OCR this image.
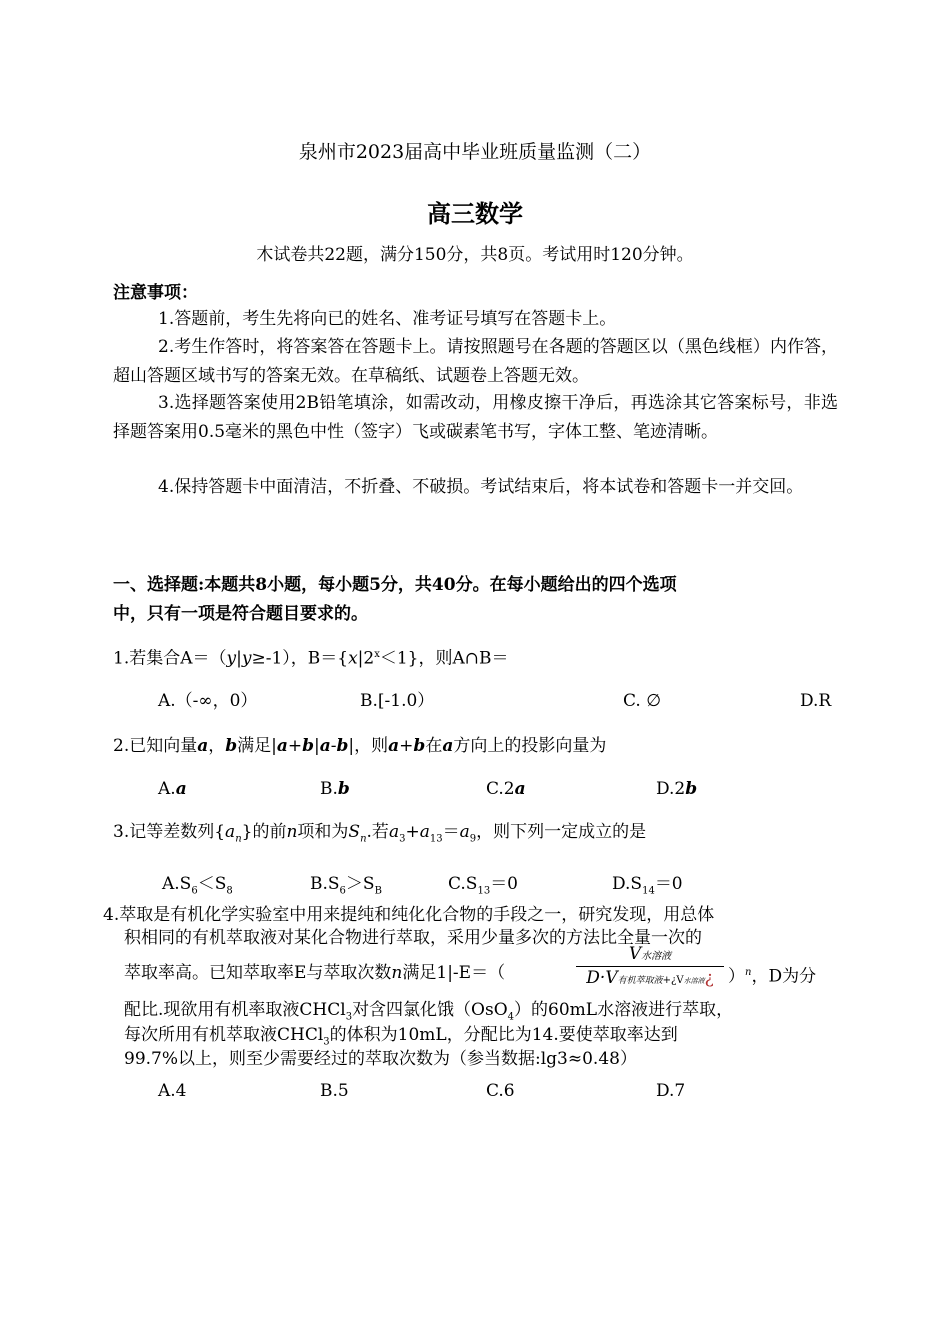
泉州市2023届高中毕业班质量监测（二）
高三数学
木试卷共22题，满分150分，共8页。考试用时120分钟。
注意事项：
1.答题前，考生先将向已的姓名、准考证号填写在答题卡上。
2.考生作答时，将答案答在答题卡上。请按照题号在各题的答题区以（黑色线框）内作答，超山答题区域书写的答案无效。在草稿纸、试题卷上答题无效。
3.选择题答案使用2B铅笔填涂，如需改动，用橡皮擦干净后，再选涂其它答案标号，非选择题答案用0.5毫米的黑色中性（签字）飞或碳素笔书写，字体工整、笔迹清晰。
4.保持答题卡中面清洁，不折叠、不破损。考试结束后，将本试卷和答题卡一并交回。
一、选择题:本题共8小题，每小题5分，共40分。在每小题给出的四个选项
中，只有一项是符合题目要求的。
1.若集合A＝（y|y≥-1），$B=\{x|2^x<1\}$，则A∩B＝
A.（-∞，0）	B.[-1.0）	C. ∅	D.R
2.已知向量a，b满足|a+b|a-b|，则a+b在a方向上的投影向量为
A.a	B.b	C.2a	D.2b
3.记等差数列$\{a_n\}$的前n项和为$S_n$.若$a_3+a_{13}=a_9$，则下列一定成立的是
$A.S_6<S_8$	$B.S_6>S_B$	$C.S_{13}=0$	$D.S_{14}=0$
4.萃取是有机化学实验室中用来提纯和纯化化合物的手段之一，研究发现，用总体
积相同的有机萃取液对某化合物进行萃取，采用少量多次的方法比全量一次的
萃取率高。已知萃取率E与萃取次数n满足1|-E＝（
V水溶液
D·V有机萃取液+¿V水溶液¿ ）$^n$，D为分
配比.现欲用有机率取液CHCl$_3$对含四氯化饿（OsO$_4$）的60mL水溶液进行萃取，
每次所用有机萃取液CHCl$_3$的体积为10mL，分配比为14.要使萃取率达到
99.7%以上，则至少需要经过的萃取次数为（参当数据:lg3≈0.48）
A.4	B.5	C.6	D.7
